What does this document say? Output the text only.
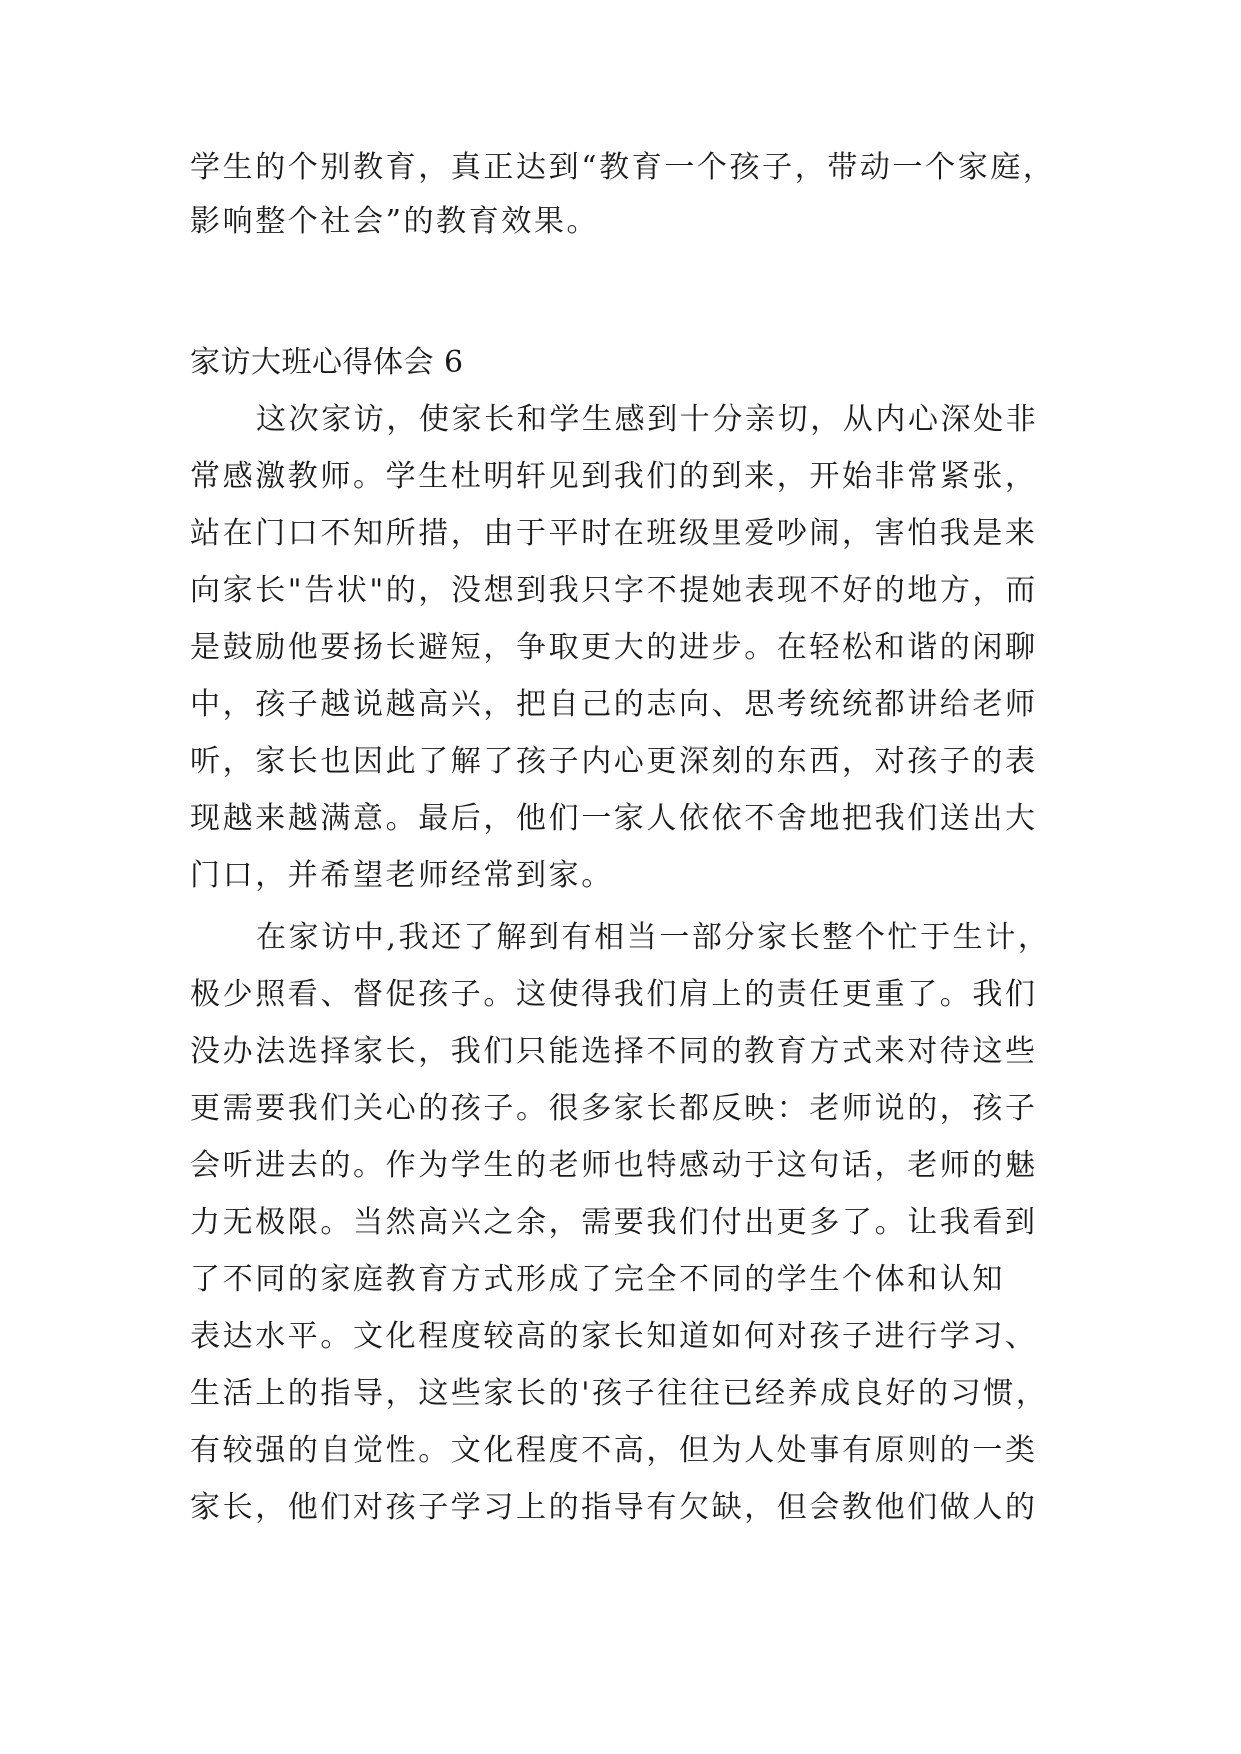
学生的个别教育，真正达到“教育一个孩子，带动一个家庭，

影响整个社会”的教育效果。

家访大班心得体会 6

这次家访，使家长和学生感到十分亲切，从内心深处非

常感激教师。学生杜明轩见到我们的到来，开始非常紧张，

站在门口不知所措，由于平时在班级里爱吵闹，害怕我是来

向家长"告状"的，没想到我只字不提她表现不好的地方，而

是鼓励他要扬长避短，争取更大的进步。在轻松和谐的闲聊

中，孩子越说越高兴，把自己的志向、思考统统都讲给老师

听，家长也因此了解了孩子内心更深刻的东西，对孩子的表

现越来越满意。最后，他们一家人依依不舍地把我们送出大

门口，并希望老师经常到家。

在家访中,我还了解到有相当一部分家长整个忙于生计，

极少照看、督促孩子。这使得我们肩上的责任更重了。我们

没办法选择家长，我们只能选择不同的教育方式来对待这些

更需要我们关心的孩子。很多家长都反映：老师说的，孩子

会听进去的。作为学生的老师也特感动于这句话，老师的魅

力无极限。当然高兴之余，需要我们付出更多了。让我看到

了不同的家庭教育方式形成了完全不同的学生个体和认知

表达水平。文化程度较高的家长知道如何对孩子进行学习、

生活上的指导，这些家长的'孩子往往已经养成良好的习惯，

有较强的自觉性。文化程度不高，但为人处事有原则的一类

家长，他们对孩子学习上的指导有欠缺，但会教他们做人的
